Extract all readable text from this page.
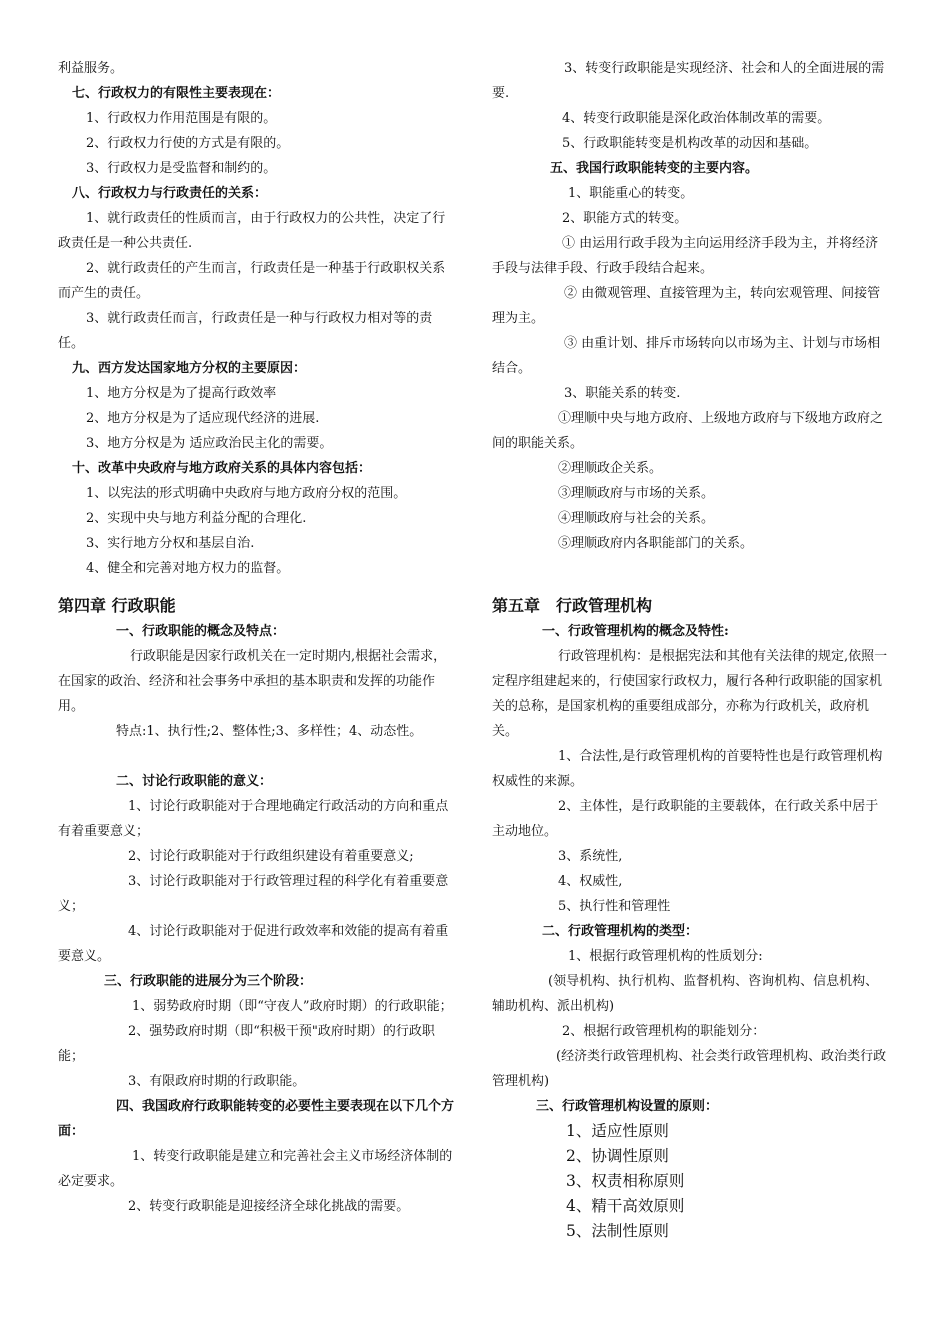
利益服务。

七、行政权力的有限性主要表现在：

1、行政权力作用范围是有限的。

2、行政权力行使的方式是有限的。

3、行政权力是受监督和制约的。

八、行政权力与行政责任的关系：

1、就行政责任的性质而言，由于行政权力的公共性，决定了行政责任是一种公共责任.

2、就行政责任的产生而言，行政责任是一种基于行政职权关系而产生的责任。

3、就行政责任而言，行政责任是一种与行政权力相对等的责任。

九、西方发达国家地方分权的主要原因：

1、地方分权是为了提高行政效率

2、地方分权是为了适应现代经济的进展.

3、地方分权是为 适应政治民主化的需要。

十、改革中央政府与地方政府关系的具体内容包括：

1、以宪法的形式明确中央政府与地方政府分权的范围。

2、实现中央与地方利益分配的合理化.

3、实行地方分权和基层自治.

4、健全和完善对地方权力的监督。

第四章 行政职能

一、行政职能的概念及特点：

行政职能是因家行政机关在一定时期内,根据社会需求，在国家的政治、经济和社会事务中承担的基本职责和发挥的功能作用。

特点:1、执行性;2、整体性;3、多样性；4、动态性。

二、讨论行政职能的意义：

1、讨论行政职能对于合理地确定行政活动的方向和重点有着重要意义；

2、讨论行政职能对于行政组织建设有着重要意义;

3、讨论行政职能对于行政管理过程的科学化有着重要意义；

4、讨论行政职能对于促进行政效率和效能的提高有着重要意义。

三、行政职能的进展分为三个阶段：

1、弱势政府时期（即“守夜人”政府时期）的行政职能；

2、强势政府时期（即“积极干预"政府时期）的行政职能；

3、有限政府时期的行政职能。

四、我国政府行政职能转变的必要性主要表现在以下几个方面：

1、转变行政职能是建立和完善社会主义市场经济体制的必定要求。

2、转变行政职能是迎接经济全球化挑战的需要。

3、转变行政职能是实现经济、社会和人的全面进展的需要.

4、转变行政职能是深化政治体制改革的需要。

5、行政职能转变是机构改革的动因和基础。

五、我国行政职能转变的主要内容。

1、职能重心的转变。

2、职能方式的转变。

① 由运用行政手段为主向运用经济手段为主，并将经济手段与法律手段、行政手段结合起来。

② 由微观管理、直接管理为主，转向宏观管理、间接管理为主。

③ 由重计划、排斥市场转向以市场为主、计划与市场相结合。

3、职能关系的转变.

①理顺中央与地方政府、上级地方政府与下级地方政府之间的职能关系。

②理顺政企关系。

③理顺政府与市场的关系。

④理顺政府与社会的关系。

⑤理顺政府内各职能部门的关系。

第五章　行政管理机构

一、行政管理机构的概念及特性:

行政管理机构：是根据宪法和其他有关法律的规定,依照一定程序组建起来的，行使国家行政权力，履行各种行政职能的国家机关的总称，是国家机构的重要组成部分，亦称为行政机关，政府机关。

1、合法性,是行政管理机构的首要特性也是行政管理机构权威性的来源。

2、主体性，是行政职能的主要载体，在行政关系中居于主动地位。

3、系统性,

4、权威性,

5、执行性和管理性

二、行政管理机构的类型：

1、根据行政管理机构的性质划分:

(领导机构、执行机构、监督机构、咨询机构、信息机构、辅助机构、派出机构)

2、根据行政管理机构的职能划分：

(经济类行政管理机构、社会类行政管理机构、政治类行政管理机构)

三、行政管理机构设置的原则：

1、适应性原则

2、协调性原则

3、权责相称原则

4、精干高效原则

5、法制性原则
